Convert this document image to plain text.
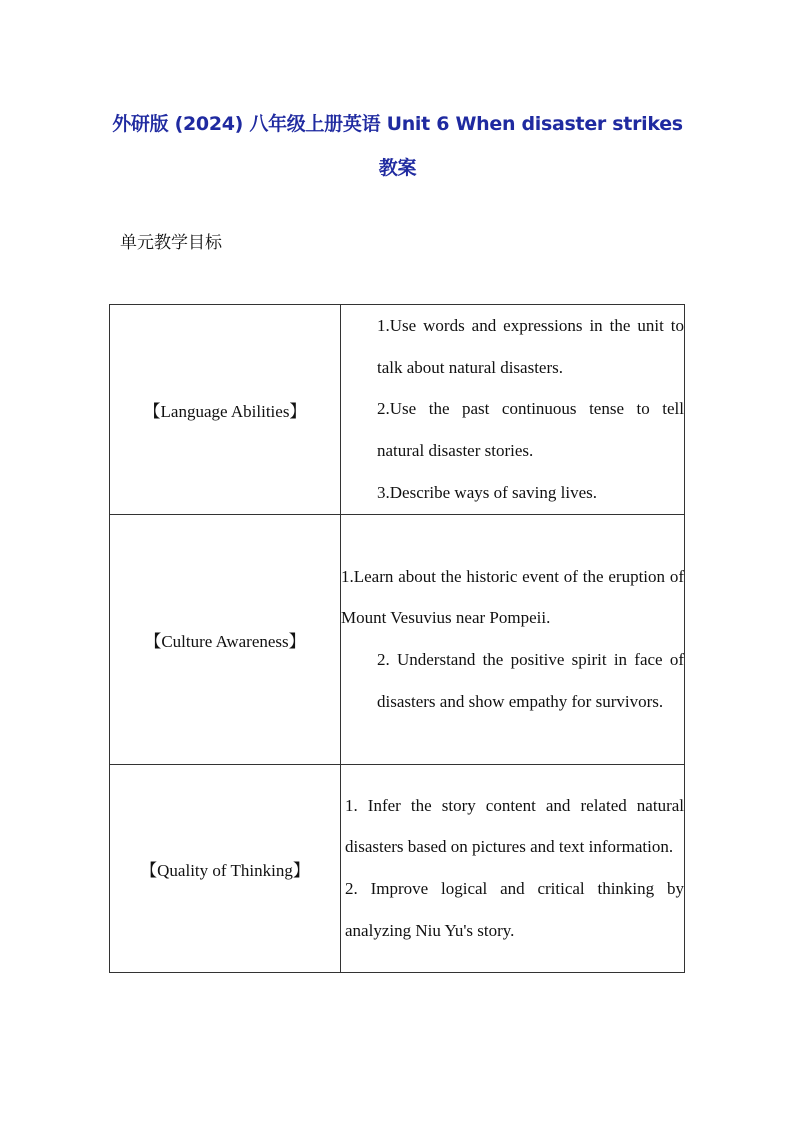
外研版 (2024) 八年级上册英语 Unit 6 When disaster strikes 教案
单元教学目标
【Language Abilities】	1.Use words and expressions in the unit to talk about natural disasters.
2.Use the past continuous tense to tell natural disaster stories.
3.Describe ways of saving lives.

【Culture Awareness】	1.Learn about the historic event of the eruption of Mount Vesuvius near Pompeii.
2. Understand the positive spirit in face of disasters and show empathy for survivors.

【Quality of Thinking】	1. Infer the story content and related natural disasters based on pictures and text information.
2. Improve logical and critical thinking by analyzing Niu Yu's story.
